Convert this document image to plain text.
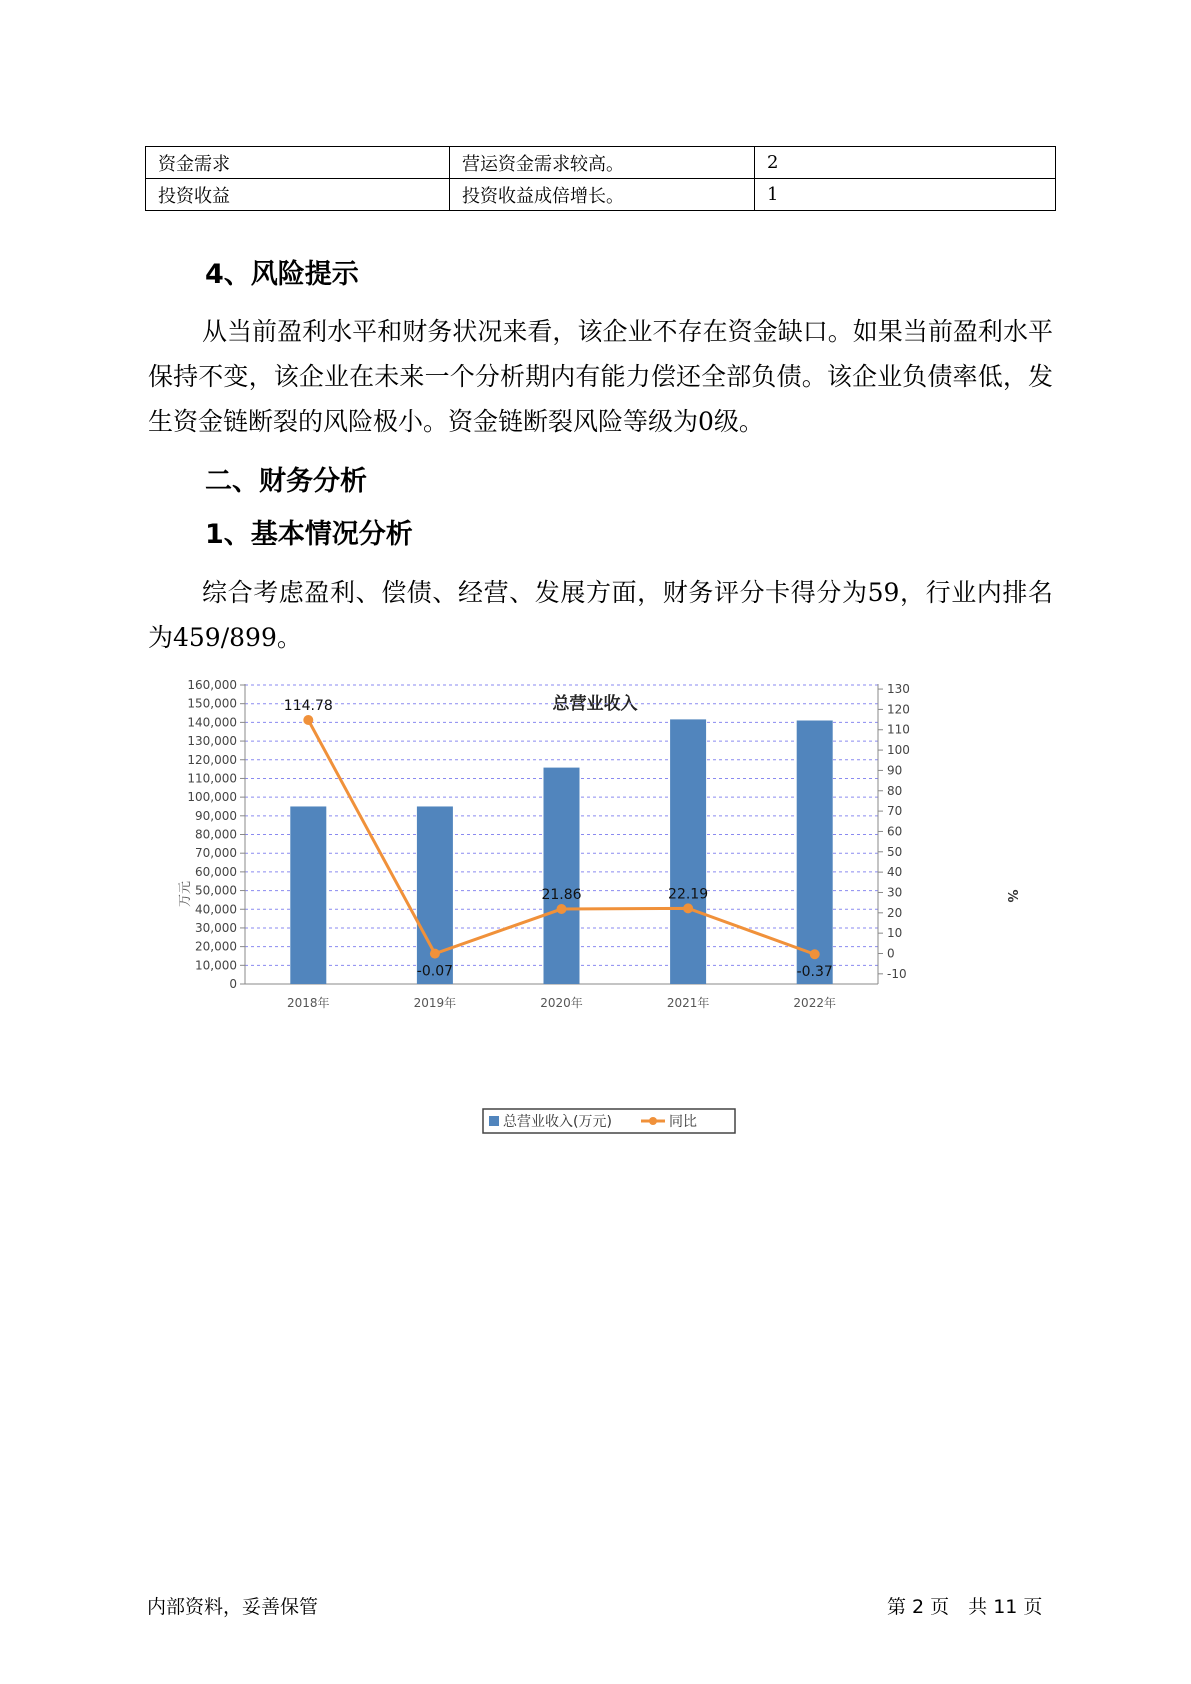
资金需求	营运资金需求较高。	2
投资收益	投资收益成倍增长。	1
4、风险提示

从当前盈利水平和财务状况来看，该企业不存在资金缺口。如果当前盈利水平保持不变，该企业在未来一个分析期内有能力偿还全部负债。该企业负债率低，发生资金链断裂的风险极小。资金链断裂风险等级为0级。

二、财务分析
1、基本情况分析

综合考虑盈利、偿债、经营、发展方面，财务评分卡得分为59，行业内排名为459/899。

总营业收入
0
10,000
20,000
30,000
40,000
50,000
60,000
70,000
80,000
90,000
100,000
110,000
120,000
130,000
140,000
150,000
160,000
-10
0
10
20
30
40
50
60
70
80
90
100
110
120
130
2018年	2019年	2020年	2021年	2022年
114.78
-0.07
21.86	22.19
-0.37
万元	%
总营业收入(万元)	同比
内部资料，妥善保管	第 2 页　共 11 页
